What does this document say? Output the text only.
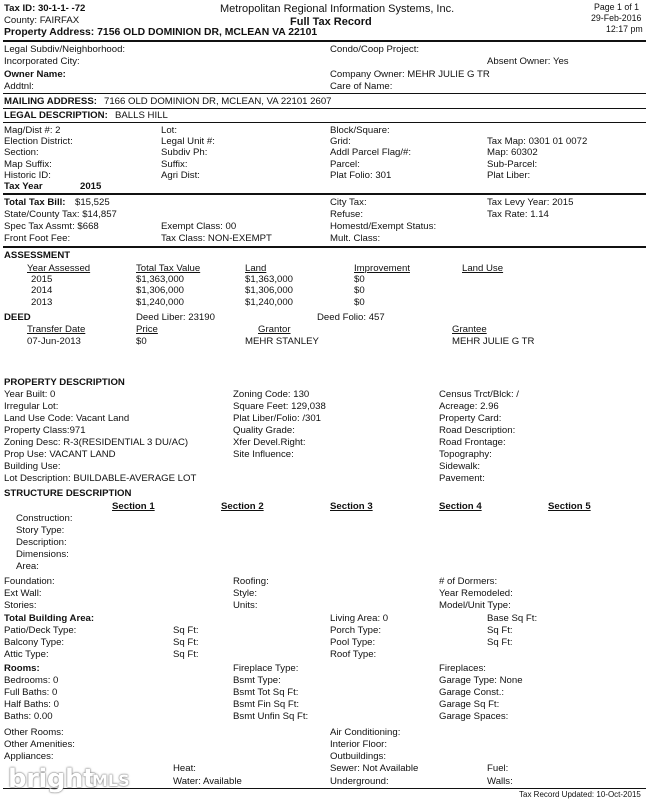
Tax ID: 30-1-1- -72
County: FAIRFAX
Property Address: 7156 OLD DOMINION DR, MCLEAN VA 22101
Metropolitan Regional Information Systems, Inc.
Full Tax Record
Page 1 of 1
29-Feb-2016
12:17 pm
Legal Subdiv/Neighborhood:	Condo/Coop Project:
Incorporated City:	Absent Owner: Yes
Owner Name:	Company Owner: MEHR JULIE G TR
Addtnl:	Care of Name:
MAILING ADDRESS: 7166 OLD DOMINION DR, MCLEAN, VA 22101 2607
LEGAL DESCRIPTION: BALLS HILL
Mag/Dist #: 2	Lot:	Block/Square:
Election District:	Legal Unit #:	Grid:	Tax Map: 0301 01 0072
Section:	Subdiv Ph:	Addl Parcel Flag/#:	Map: 60302
Map Suffix:	Suffix:	Parcel:	Sub-Parcel:
Historic ID:	Agri Dist:	Plat Folio: 301	Plat Liber:
Tax Year	2015
Total Tax Bill: $15,525	City Tax:	Tax Levy Year: 2015
State/County Tax: $14,857	Refuse:	Tax Rate: 1.14
Spec Tax Assmt: $668	Exempt Class: 00	Homestd/Exempt Status:
Front Foot Fee:	Tax Class: NON-EXEMPT	Mult. Class:
ASSESSMENT
Year Assessed	Total Tax Value	Land	Improvement	Land Use
2015	$1,363,000	$1,363,000	$0
2014	$1,306,000	$1,306,000	$0
2013	$1,240,000	$1,240,000	$0
DEED	Deed Liber: 23190	Deed Folio: 457
Transfer Date	Price	Grantor	Grantee
07-Jun-2013	$0	MEHR STANLEY	MEHR JULIE G TR
PROPERTY DESCRIPTION
Year Built: 0	Zoning Code: 130	Census Trct/Blck: /
Irregular Lot:	Square Feet: 129,038	Acreage: 2.96
Land Use Code: Vacant Land	Plat Liber/Folio: /301	Property Card:
Property Class:971	Quality Grade:	Road Description:
Zoning Desc: R-3(RESIDENTIAL 3 DU/AC)	Xfer Devel.Right:	Road Frontage:
Prop Use: VACANT LAND	Site Influence:	Topography:
Building Use:	Sidewalk:
Lot Description: BUILDABLE-AVERAGE LOT	Pavement:
STRUCTURE DESCRIPTION
Section 1	Section 2	Section 3	Section 4	Section 5
Construction:
Story Type:
Description:
Dimensions:
Area:
Foundation:	Roofing:	# of Dormers:
Ext Wall:	Style:	Year Remodeled:
Stories:	Units:	Model/Unit Type:
Total Building Area:	Living Area: 0	Base Sq Ft:
Patio/Deck Type:	Sq Ft:	Porch Type:	Sq Ft:
Balcony Type:	Sq Ft:	Pool Type:	Sq Ft:
Attic Type:	Sq Ft:	Roof Type:
Rooms:	Fireplace Type:	Fireplaces:
Bedrooms: 0	Bsmt Type:	Garage Type: None
Full Baths: 0	Bsmt Tot Sq Ft:	Garage Const.:
Half Baths: 0	Bsmt Fin Sq Ft:	Garage Sq Ft:
Baths: 0.00	Bsmt Unfin Sq Ft:	Garage Spaces:
Other Rooms:	Air Conditioning:
Other Amenities:	Interior Floor:
Appliances:	Outbuildings:
Heat:	Sewer: Not Available	Fuel:
Water: Available	Underground:	Walls:
Tax Record Updated: 10-Oct-2015
bright
MLS
